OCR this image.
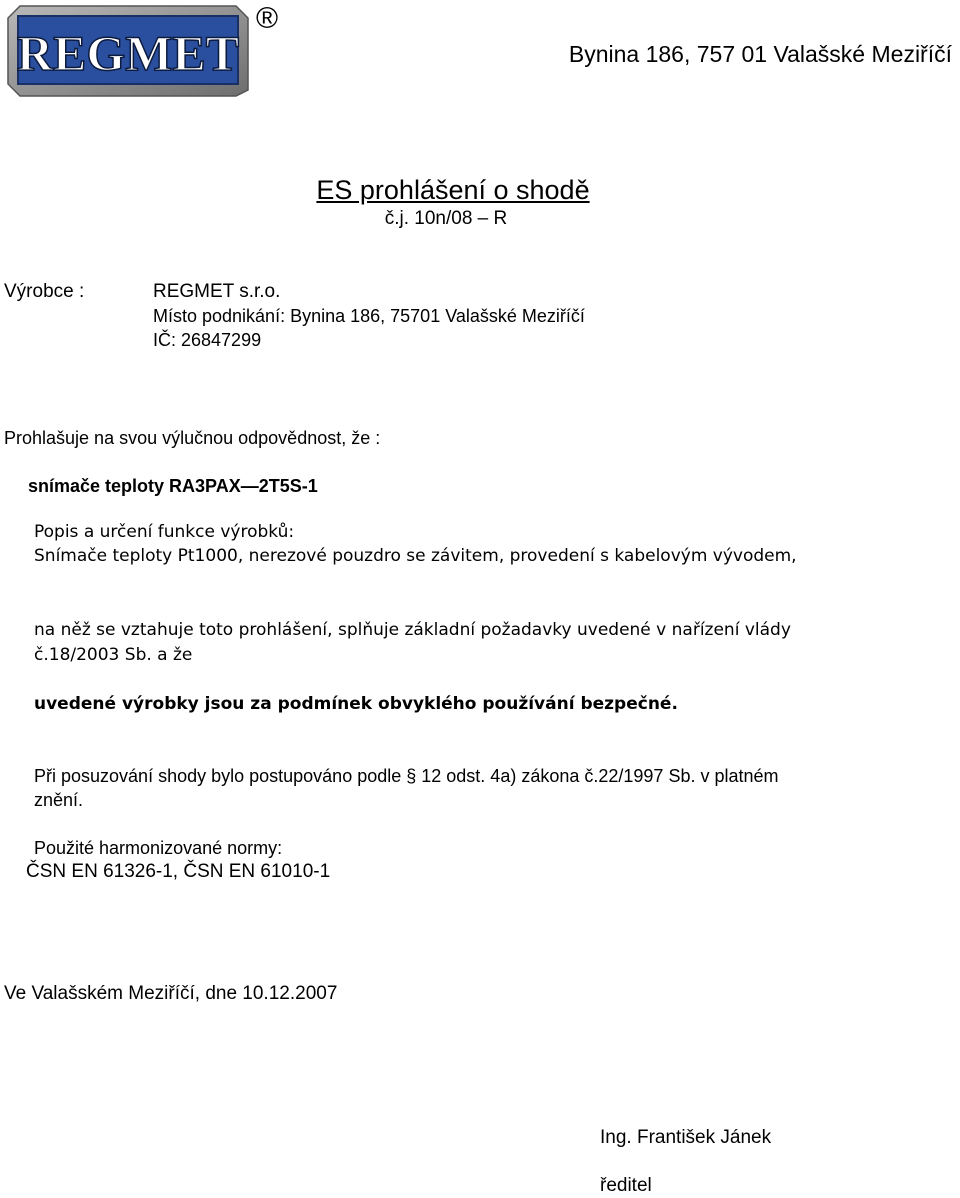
REGMET
®
Bynina 186, 757 01 Valašské Meziříčí
ES prohlášení o shodě
č.j. 10n/08 – R
Výrobce :	REGMET s.r.o.
Místo podnikání: Bynina 186, 75701 Valašské Meziříčí
IČ: 26847299
Prohlašuje na svou výlučnou odpovědnost, že :
snímače teploty RA3PAX—2T5S-1
Popis a určení funkce výrobků:
Snímače teploty Pt1000, nerezové pouzdro se závitem, provedení s kabelovým vývodem,
na něž se vztahuje toto prohlášení, splňuje základní požadavky uvedené v nařízení vlády
č.18/2003 Sb. a že
uvedené výrobky jsou za podmínek obvyklého používání bezpečné.
Při posuzování shody bylo postupováno podle § 12 odst. 4a) zákona č.22/1997 Sb. v platném
znění.
Použité harmonizované normy:
ČSN EN 61326-1, ČSN EN 61010-1
Ve Valašském Meziříčí, dne 10.12.2007
Ing. František Jánek
ředitel
